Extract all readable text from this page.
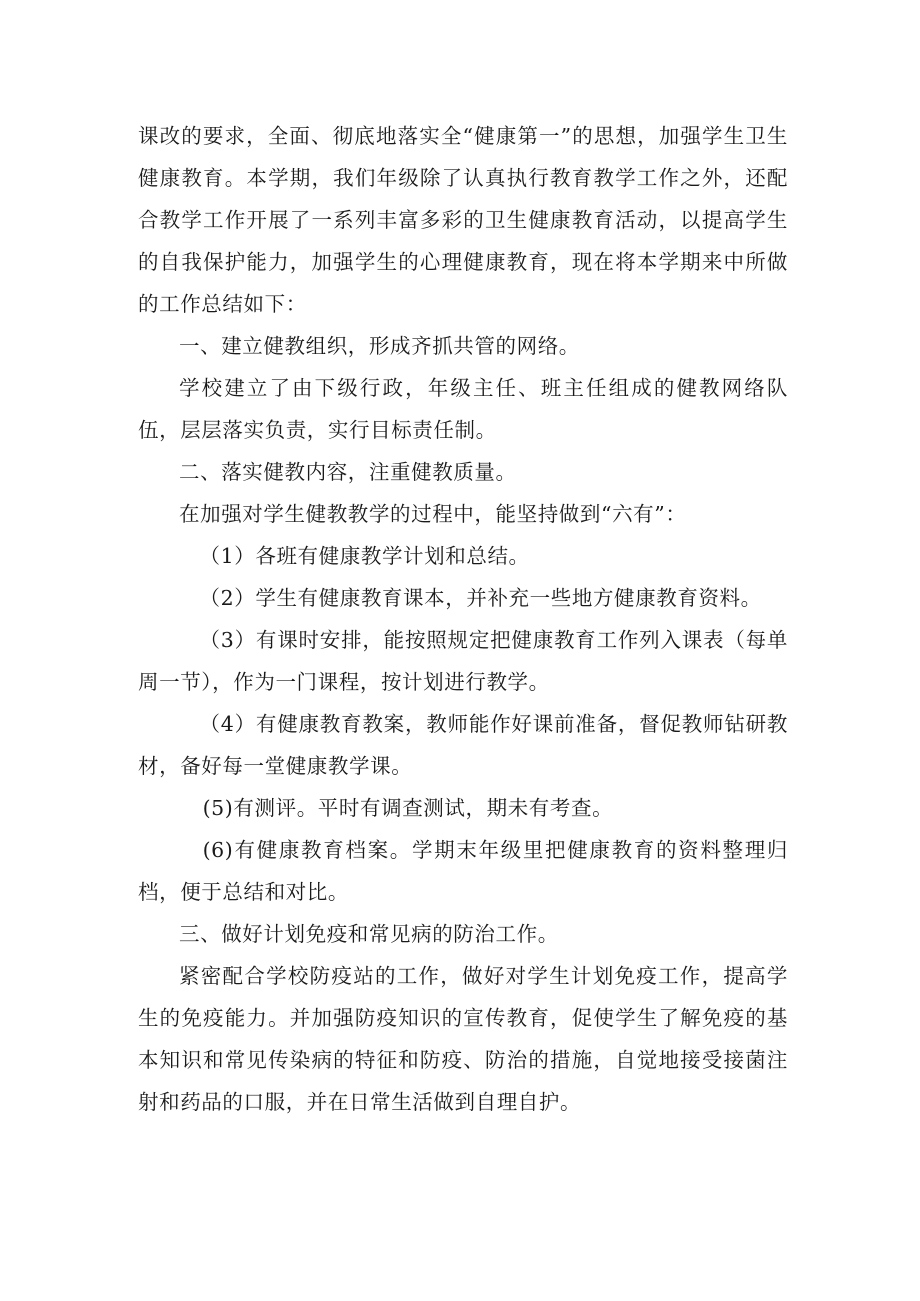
课改的要求，全面、彻底地落实全“健康第一”的思想，加强学生卫生健康教育。本学期，我们年级除了认真执行教育教学工作之外，还配合教学工作开展了一系列丰富多彩的卫生健康教育活动，以提高学生的自我保护能力，加强学生的心理健康教育，现在将本学期来中所做的工作总结如下：

一、建立健教组织，形成齐抓共管的网络。

学校建立了由下级行政，年级主任、班主任组成的健教网络队伍，层层落实负责，实行目标责任制。

二、落实健教内容，注重健教质量。

在加强对学生健教教学的过程中，能坚持做到“六有”：

（1）各班有健康教学计划和总结。

（2）学生有健康教育课本，并补充一些地方健康教育资料。

（3）有课时安排，能按照规定把健康教育工作列入课表（每单周一节），作为一门课程，按计划进行教学。

（4）有健康教育教案，教师能作好课前准备，督促教师钻研教材，备好每一堂健康教学课。

(5)有测评。平时有调查测试，期未有考查。

(6)有健康教育档案。学期末年级里把健康教育的资料整理归档，便于总结和对比。

三、做好计划免疫和常见病的防治工作。

紧密配合学校防疫站的工作，做好对学生计划免疫工作，提高学生的免疫能力。并加强防疫知识的宣传教育，促使学生了解免疫的基本知识和常见传染病的特征和防疫、防治的措施，自觉地接受接菌注射和药品的口服，并在日常生活做到自理自护。
